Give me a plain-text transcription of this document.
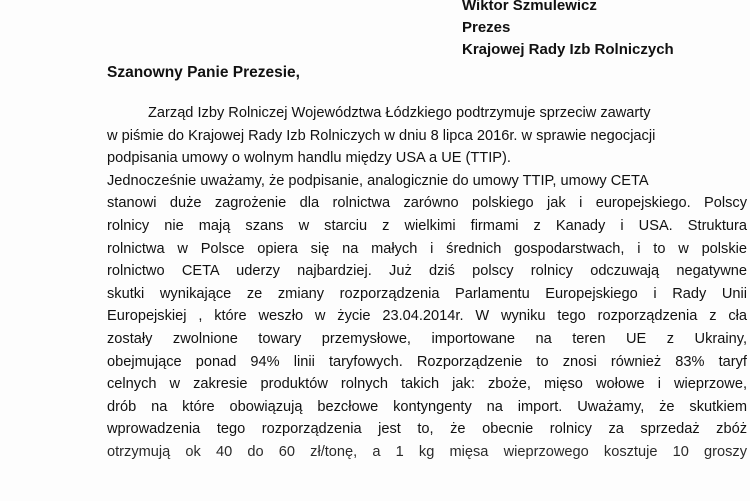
Wiktor Szmulewicz
Prezes
Krajowej Rady Izb Rolniczych
Szanowny Panie Prezesie,
Zarząd Izby Rolniczej Województwa Łódzkiego podtrzymuje sprzeciw zawarty
w piśmie do Krajowej Rady Izb Rolniczych w dniu 8 lipca 2016r. w sprawie negocjacji
podpisania umowy o wolnym handlu między USA a UE (TTIP).
Jednocześnie uważamy, że podpisanie, analogicznie do umowy TTIP, umowy CETA
stanowi duże zagrożenie dla rolnictwa zarówno polskiego jak i europejskiego. Polscy
rolnicy nie mają szans w starciu z wielkimi firmami z Kanady i USA. Struktura
rolnictwa w Polsce opiera się na małych i średnich gospodarstwach, i to w polskie
rolnictwo CETA uderzy najbardziej. Już dziś polscy rolnicy odczuwają negatywne
skutki wynikające ze zmiany rozporządzenia Parlamentu Europejskiego i Rady Unii
Europejskiej , które weszło w życie 23.04.2014r. W wyniku tego rozporządzenia z cła
zostały zwolnione towary przemysłowe, importowane na teren UE z Ukrainy,
obejmujące ponad 94% linii taryfowych. Rozporządzenie to znosi również 83% taryf
celnych w zakresie produktów rolnych takich jak: zboże, mięso wołowe i wieprzowe,
drób na które obowiązują bezcłowe kontyngenty na import. Uważamy, że skutkiem
wprowadzenia tego rozporządzenia jest to, że obecnie rolnicy za sprzedaż zbóż
otrzymują ok 40 do 60 zł/tonę, a 1 kg mięsa wieprzowego kosztuje 10 groszy
